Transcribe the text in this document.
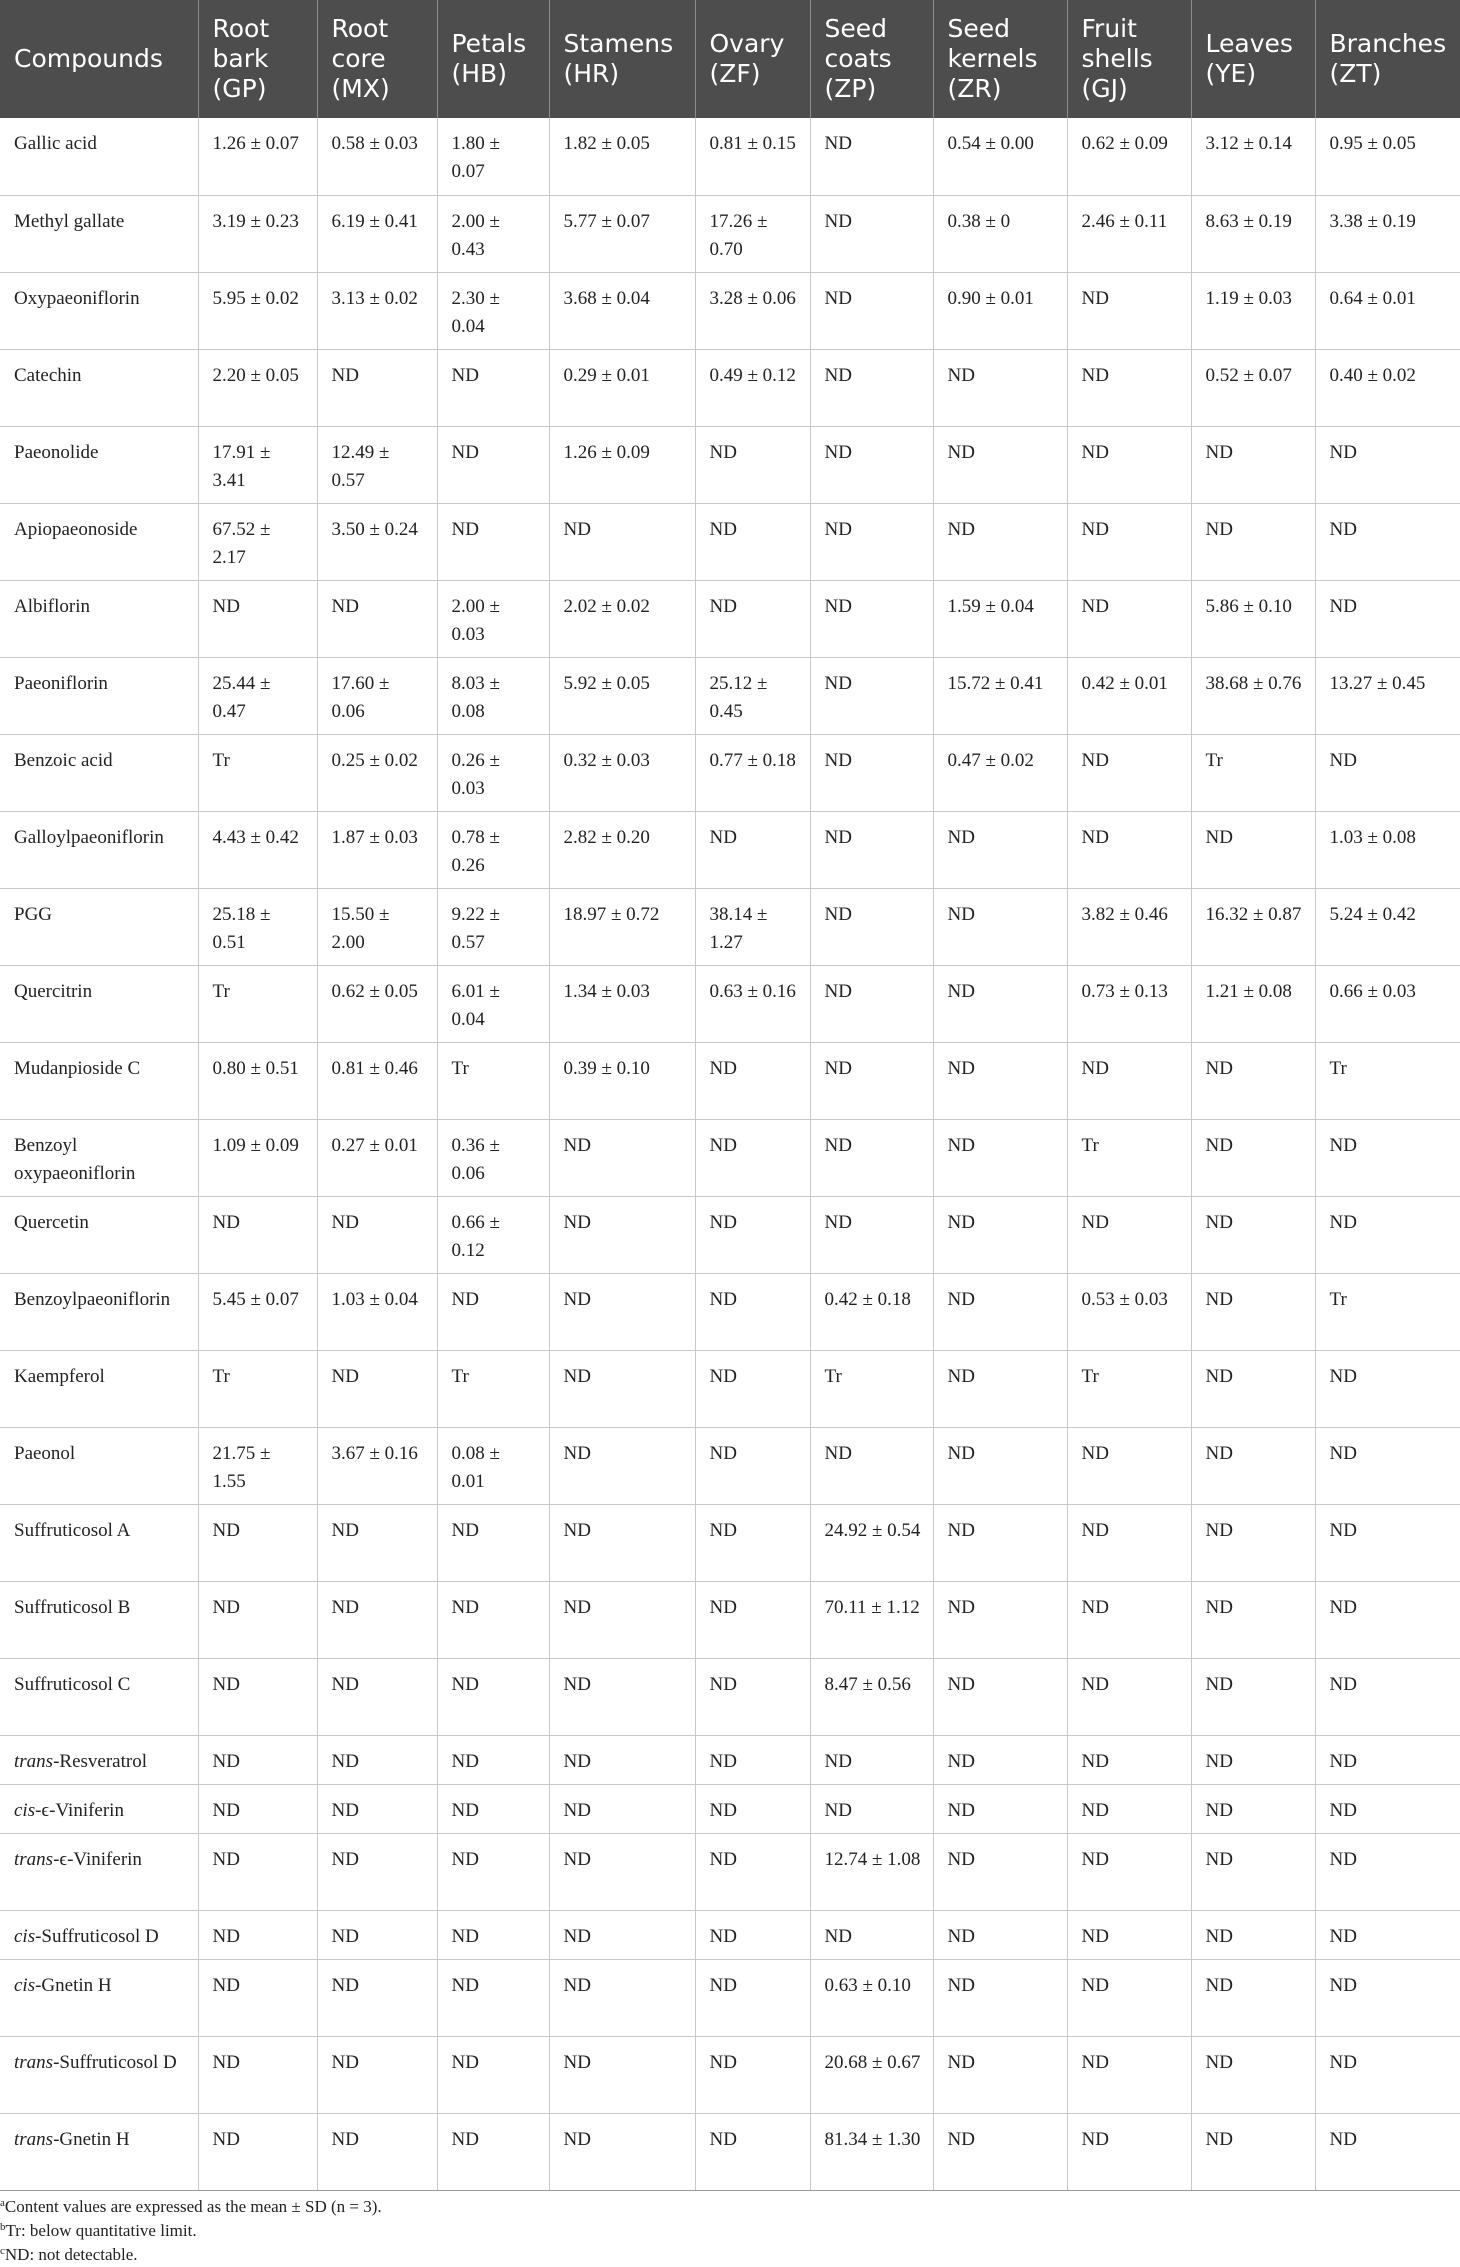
Compounds	Root bark (GP)	Root core (MX)	Petals (HB)	Stamens (HR)	Ovary (ZF)	Seed coats (ZP)	Seed kernels (ZR)	Fruit shells (GJ)	Leaves (YE)	Branches (ZT)
Gallic acid	1.26 ± 0.07	0.58 ± 0.03	1.80 ± 0.07	1.82 ± 0.05	0.81 ± 0.15	ND	0.54 ± 0.00	0.62 ± 0.09	3.12 ± 0.14	0.95 ± 0.05
Methyl gallate	3.19 ± 0.23	6.19 ± 0.41	2.00 ± 0.43	5.77 ± 0.07	17.26 ± 0.70	ND	0.38 ± 0	2.46 ± 0.11	8.63 ± 0.19	3.38 ± 0.19
Oxypaeoniflorin	5.95 ± 0.02	3.13 ± 0.02	2.30 ± 0.04	3.68 ± 0.04	3.28 ± 0.06	ND	0.90 ± 0.01	ND	1.19 ± 0.03	0.64 ± 0.01
Catechin	2.20 ± 0.05	ND	ND	0.29 ± 0.01	0.49 ± 0.12	ND	ND	ND	0.52 ± 0.07	0.40 ± 0.02
Paeonolide	17.91 ± 3.41	12.49 ± 0.57	ND	1.26 ± 0.09	ND	ND	ND	ND	ND	ND
Apiopaeonoside	67.52 ± 2.17	3.50 ± 0.24	ND	ND	ND	ND	ND	ND	ND	ND
Albiflorin	ND	ND	2.00 ± 0.03	2.02 ± 0.02	ND	ND	1.59 ± 0.04	ND	5.86 ± 0.10	ND
Paeoniflorin	25.44 ± 0.47	17.60 ± 0.06	8.03 ± 0.08	5.92 ± 0.05	25.12 ± 0.45	ND	15.72 ± 0.41	0.42 ± 0.01	38.68 ± 0.76	13.27 ± 0.45
Benzoic acid	Tr	0.25 ± 0.02	0.26 ± 0.03	0.32 ± 0.03	0.77 ± 0.18	ND	0.47 ± 0.02	ND	Tr	ND
Galloylpaeoniflorin	4.43 ± 0.42	1.87 ± 0.03	0.78 ± 0.26	2.82 ± 0.20	ND	ND	ND	ND	ND	1.03 ± 0.08
PGG	25.18 ± 0.51	15.50 ± 2.00	9.22 ± 0.57	18.97 ± 0.72	38.14 ± 1.27	ND	ND	3.82 ± 0.46	16.32 ± 0.87	5.24 ± 0.42
Quercitrin	Tr	0.62 ± 0.05	6.01 ± 0.04	1.34 ± 0.03	0.63 ± 0.16	ND	ND	0.73 ± 0.13	1.21 ± 0.08	0.66 ± 0.03
Mudanpioside C	0.80 ± 0.51	0.81 ± 0.46	Tr	0.39 ± 0.10	ND	ND	ND	ND	ND	Tr
Benzoyl oxypaeoniflorin	1.09 ± 0.09	0.27 ± 0.01	0.36 ± 0.06	ND	ND	ND	ND	Tr	ND	ND
Quercetin	ND	ND	0.66 ± 0.12	ND	ND	ND	ND	ND	ND	ND
Benzoylpaeoniflorin	5.45 ± 0.07	1.03 ± 0.04	ND	ND	ND	0.42 ± 0.18	ND	0.53 ± 0.03	ND	Tr
Kaempferol	Tr	ND	Tr	ND	ND	Tr	ND	Tr	ND	ND
Paeonol	21.75 ± 1.55	3.67 ± 0.16	0.08 ± 0.01	ND	ND	ND	ND	ND	ND	ND
Suffruticosol A	ND	ND	ND	ND	ND	24.92 ± 0.54	ND	ND	ND	ND
Suffruticosol B	ND	ND	ND	ND	ND	70.11 ± 1.12	ND	ND	ND	ND
Suffruticosol C	ND	ND	ND	ND	ND	8.47 ± 0.56	ND	ND	ND	ND
trans-Resveratrol	ND	ND	ND	ND	ND	ND	ND	ND	ND	ND
cis-ϵ-Viniferin	ND	ND	ND	ND	ND	ND	ND	ND	ND	ND
trans-ϵ-Viniferin	ND	ND	ND	ND	ND	12.74 ± 1.08	ND	ND	ND	ND
cis-Suffruticosol D	ND	ND	ND	ND	ND	ND	ND	ND	ND	ND
cis-Gnetin H	ND	ND	ND	ND	ND	0.63 ± 0.10	ND	ND	ND	ND
trans-Suffruticosol D	ND	ND	ND	ND	ND	20.68 ± 0.67	ND	ND	ND	ND
trans-Gnetin H	ND	ND	ND	ND	ND	81.34 ± 1.30	ND	ND	ND	ND
$^a$Content values are expressed as the mean ± SD (n = 3).
$^b$Tr: below quantitative limit.
$^c$ND: not detectable.
